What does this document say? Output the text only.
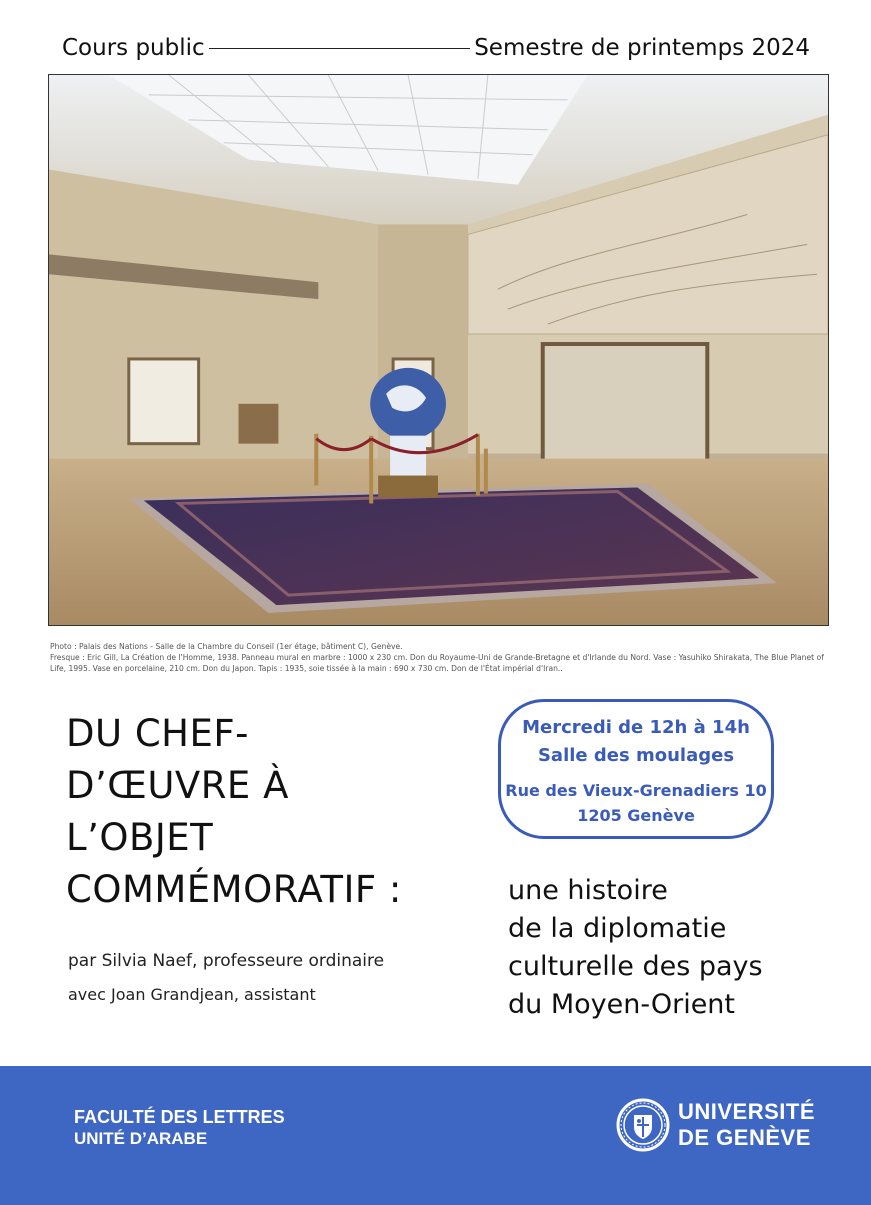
Cours public	Semestre de printemps 2024

Photo : Palais des Nations - Salle de la Chambre du Conseil (1er étage, bâtiment C), Genève.

Fresque : Eric Gill, La Création de l'Homme, 1938. Panneau mural en marbre : 1000 x 230 cm. Don du Royaume-Uni de Grande-Bretagne et d'Irlande du Nord. Vase : Yasuhiko Shirakata, The Blue Planet of Life, 1995. Vase en porcelaine, 210 cm. Don du Japon. Tapis : 1935, soie tissée à la main : 690 x 730 cm. Don de l'État impérial d'Iran..

DU CHEF-
D’ŒUVRE À
L’OBJET
COMMÉMORATIF :	une histoire
de la diplomatie
culturelle des pays
du Moyen-Orient
par Silvia Naef, professeure ordinaire
avec Joan Grandjean, assistant
Mercredi de 12h à 14h
Salle des moulages
Rue des Vieux-Grenadiers 10
1205 Genève
FACULTÉ DES LETTRES
UNITÉ D’ARABE
UNIVERSITÉ
DE GENÈVE
